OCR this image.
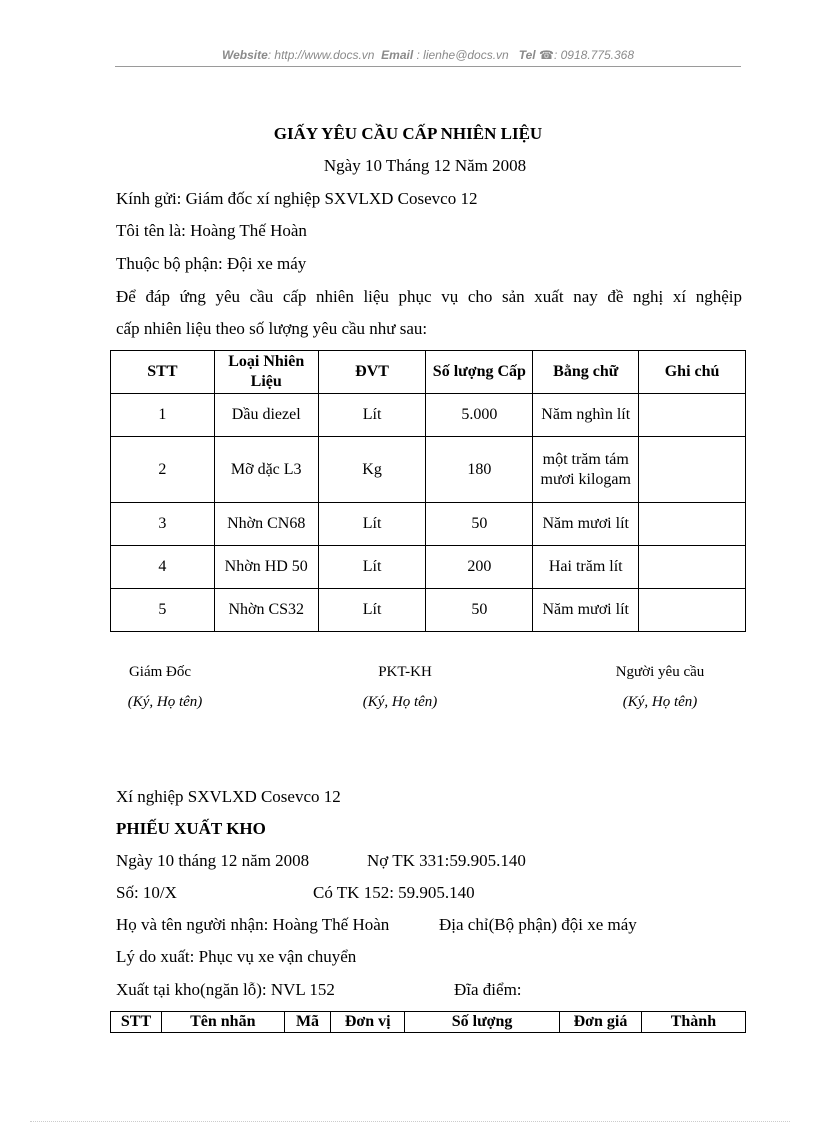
Website: http://www.docs.vn Email : lienhe@docs.vn Tel ☎: 0918.775.368
GIẤY YÊU CẦU CẤP NHIÊN LIỆU
Ngày 10 Tháng 12 Năm 2008
Kính gửi: Giám đốc xí nghiệp SXVLXD Cosevco 12
Tôi tên là: Hoàng Thế Hoàn
Thuộc bộ phận: Đội xe máy
Để đáp ứng yêu cầu cấp nhiên liệu phục vụ cho sản xuất nay đề nghị xí nghệip
cấp nhiên liệu theo số lượng yêu cầu như sau:
STT	Loại Nhiên Liệu	ĐVT	Số lượng Cấp	Bằng chữ	Ghi chú
1	Dầu diezel	Lít	5.000	Năm nghìn lít	
2	Mỡ dặc L3	Kg	180	một trăm tám mươi kilogam	
3	Nhờn CN68	Lít	50	Năm mươi lít	
4	Nhờn HD 50	Lít	200	Hai trăm lít	
5	Nhờn CS32	Lít	50	Năm mươi lít	
Giám Đốc
(Ký, Họ tên)
PKT-KH
(Ký, Họ tên)
Người yêu cầu
(Ký, Họ tên)
Xí nghiệp SXVLXD Cosevco 12
PHIẾU XUẤT KHO
Ngày 10 tháng 12 năm 2008	Nợ TK 331:59.905.140
Số: 10/X	Có TK 152: 59.905.140
Họ và tên người nhận: Hoàng Thế Hoàn	Địa chỉ(Bộ phận) đội xe máy
Lý do xuất: Phục vụ xe vận chuyển
Xuất tại kho(ngăn lỗ): NVL 152	Đĩa điểm:
STT	Tên nhãn	Mã	Đơn vị	Số lượng	Đơn giá	Thành
